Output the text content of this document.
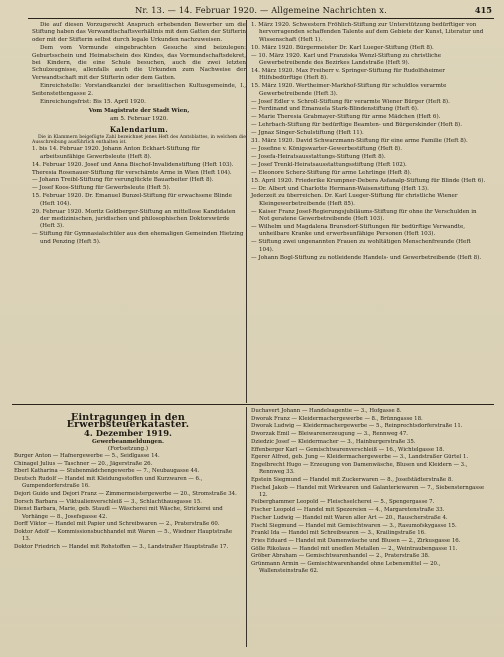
Nr. 13. — 14. Februar 1920. — Allgemeine Nachrichten x.	415

Die auf diesen Vorzugsrecht Anspruch erhebenden Bewerber um die Stiftung haben das Verwandtschaftsverhältnis mit dem Gatten der Stifterin oder mit der Stifterin selbst durch legale Urkunden nachzuweisen.

Dem vom Vormunde eingebrachten Gesuche sind beizulegen: Geburtsschein und Heimatschein des Kindes, das Vormundschaftsdekret, bei Kindern, die eine Schule besuchen, auch die zwei letzten Schulzeugnisse, allenfalls auch die Urkunden zum Nachweise der Verwandtschaft mit der Stifterin oder dem Gatten.

Einreichstelle: Vorstandkanzlei der israelitischen Kultusgemeinde, I., Seitenstettengasse 2.

Einreichungsfrist: Bis 15. April 1920.

Vom Magistrate der Stadt Wien,
am 5. Februar 1920.
Kalendarium.
Die in Klammern beigefügte Zahl bezeichnet jenes Heft des Amtsblattes, in welchem die Ausschreibung ausführlich enthalten ist.
1. bis 14. Februar 1920. Johann Anton Eckhart-Stiftung für arbeitsunfähige Gewerbsleute (Heft 8).
14. Februar 1920. Josef und Anna Bischof-Invalidenstiftung (Heft 103).
Theresia Rosenauer-Stiftung für verschämte Arme in Wien (Heft 104).
— Johann Treibl-Stiftung für verunglückte Bauarbeiter (Heft 8).
— Josef Koos-Stiftung für Gewerbsleute (Heft 5).
15. Februar 1920. Dr. Emanuel Bunzel-Stiftung für erwachsene Blinde (Heft 104).
29. Februar 1920. Moritz Goldberger-Stiftung an mittellose Kandidaten der medizinischen, juridischen und philosophischen Doktorswürde (Heft 3).
— Stiftung für Gymnasialschüler aus den ehemaligen Gemeinden Hietzing und Penzing (Heft 5).
1. März 1920. Schwestern Fröhlich-Stiftung zur Unterstützung bedürftiger von hervorragenden schaffenden Talente auf dem Gebiete der Kunst, Literatur und Wissenschaft (Heft 1).
10. März 1920. Bürgermeister Dr. Karl Lueger-Stiftung (Heft 8).
— 10. März 1920. Karl und Franziska Wenzl-Stiftung zu christliche Gewerbetreibende des Bezirkes Landstraße (Heft 9).
14. März 1920. Max Freiherr v. Springer-Stiftung für Rudolfsheimer Hilfsbedürftige (Heft 8).
15. März 1920. Wertheimer-Markhof-Stiftung für schuldlos verarmte Gewerbetreibende (Heft 3).
— Josef Edler v. Schroll-Stiftung für verarmte Wiener Bürger (Heft 8).
— Ferdinand und Emanuela Stark-Blindenstiftung (Heft 6).
— Marie Theresia Grabmayer-Stiftung für arme Mädchen (Heft 6).
— Lehrbach-Stiftung für bedürftige Beamten- und Bürgerskinder (Heft 8).
— Jgnaz Singer-Schulstiftung (Heft 11).
31. März 1920. David Schwarzmann-Stiftung für eine arme Familie (Heft 8).
— Josefine v. Königswarter-Gewerbestiftung (Heft 8).
— Josefa-Heiratsausstattungs-Stiftung (Heft 8).
— Josef Trenkl-Heiratsausstattungsstiftung (Heft 102).
— Eleonore Scherz-Stiftung für arme Lehrlinge (Heft 8).
15. April 1920. Friederike Krumpner-Debera Asfanalp-Stiftung für Blinde (Heft 6).
— Dr. Albert und Charlotte Hermann-Waisenstiftung (Heft 13).
Jederzeit zu überreichen. Dr. Karl Lueger-Stiftung für christliche Wiener Kleingewerbetreibende (Heft 85).
— Kaiser Franz Josef-Regierungsjubiläums-Stiftung für ohne ihr Verschulden in Not geratene Gewerbetreibende (Heft 103).
— Wilhelm und Magdalena Brunsdorf-Stiftungen für bedürftige Verwandte, unheilbare Kranke und erwerbsunfähige Personen (Heft 103).
— Stiftung zwei ungenannten Frauen zu wohltätigen Menschenfreunde (Heft 104).
— Johann Bogl-Stiftung zu notleidende Handels- und Gewerbetreibende (Heft 8).
Eintragungen in den Erwerbsteuerkataster.
4. Dezember 1919.
Gewerbeanmeldungen.
(Fortsetzung.)
Burger Anton — Hafnergewerbe — 5., Seidlgasse 14.
Chinagel Julius — Taschner — 20., Jägerstraße 26.
Eberl Katharina — Stubenmädchengewerbe — 7., Neubaugasse 44.
Deutsch Rudolf — Handel mit Kleidungsstoffen und Kurzwaren — 6., Gumpendorferstraße 16.
Dejori Guido und Dejori Franz — Zimmermeistergewerbe — 20., Stromstraße 34.
Dorsch Barbara — Viktualienverschleiß — 3., Schlachthausgasse 15.
Dienst Barbara, Marie, geb. Staudl — Wäscherei mit Wäsche, Strickerei und Vorhänge — 8., Josefsgasse 42.
Dorff Viktor — Handel mit Papier und Schreibwaren — 2., Praterstraße 60.
Doktor Adolf — Kommissionsbuchhandel mit Waren — 5., Wiedner Hauptstraße 13.
Doktor Friedrich — Handel mit Rohstoffen — 3., Landstraßer Hauptstraße 17.
Duchavert Johann — Handelsagentie — 3., Hofgasse 8.
Dworak Franz — Kleidermachergewerbe — 8., Brünngasse 18.
Dworak Ludwig — Kleidermachergewerbe — 5., Reinprechtsdorferstraße 11.
Dworzak Emil — Bleiwarenerzeugung — 3., Rennweg 47.
Dziedzic Josef — Kleidermacher — 3., Hainburgerstraße 35.
Effenberger Karl — Gemischtwarenverschleiß — 16., Wichtelgasse 18.
Egerer Alfred, geb. Jung — Kleidermachergewerbe — 3., Landstraßer Gürtel 1.
Engelbrecht Hugo — Erzeugung von Damenwäsche, Blusen und Kleidern — 3., Rennweg 33.
Epstein Siegmund — Handel mit Zuckerwaren — 8., Josefstädterstraße 8.
Fischel Jakob — Handel mit Wirkwaren und Galanteriewaren — 7., Siebensterngasse 12.
Feiberghammer Leopold — Fleischselcherei — 5., Spengergasse 7.
Fischer Leopold — Handel mit Spezereien — 4., Margaretenstraße 33.
Fischer Ludwig — Handel mit Waren aller Art — 20., Rauscherstraße 4.
Fischl Siegmund — Handel mit Gemischtwaren — 3., Rasumofskygasse 15.
Frankl Ida — Handel mit Schreibwaren — 3., Krailingstraße 16.
Fries Eduard — Handel mit Damenwäsche und Blusen — 2., Zirkusgasse 16.
Gölle Rikolaus — Handel mit unedlen Metallen — 2., Weintraubengasse 11.
Gröber Abraham — Gemischtwarenhandel — 2., Praterstraße 38.
Grünmann Armin — Gemischtwarenhandel ohne Lebensmittel — 20., Wallensteinstraße 62.
